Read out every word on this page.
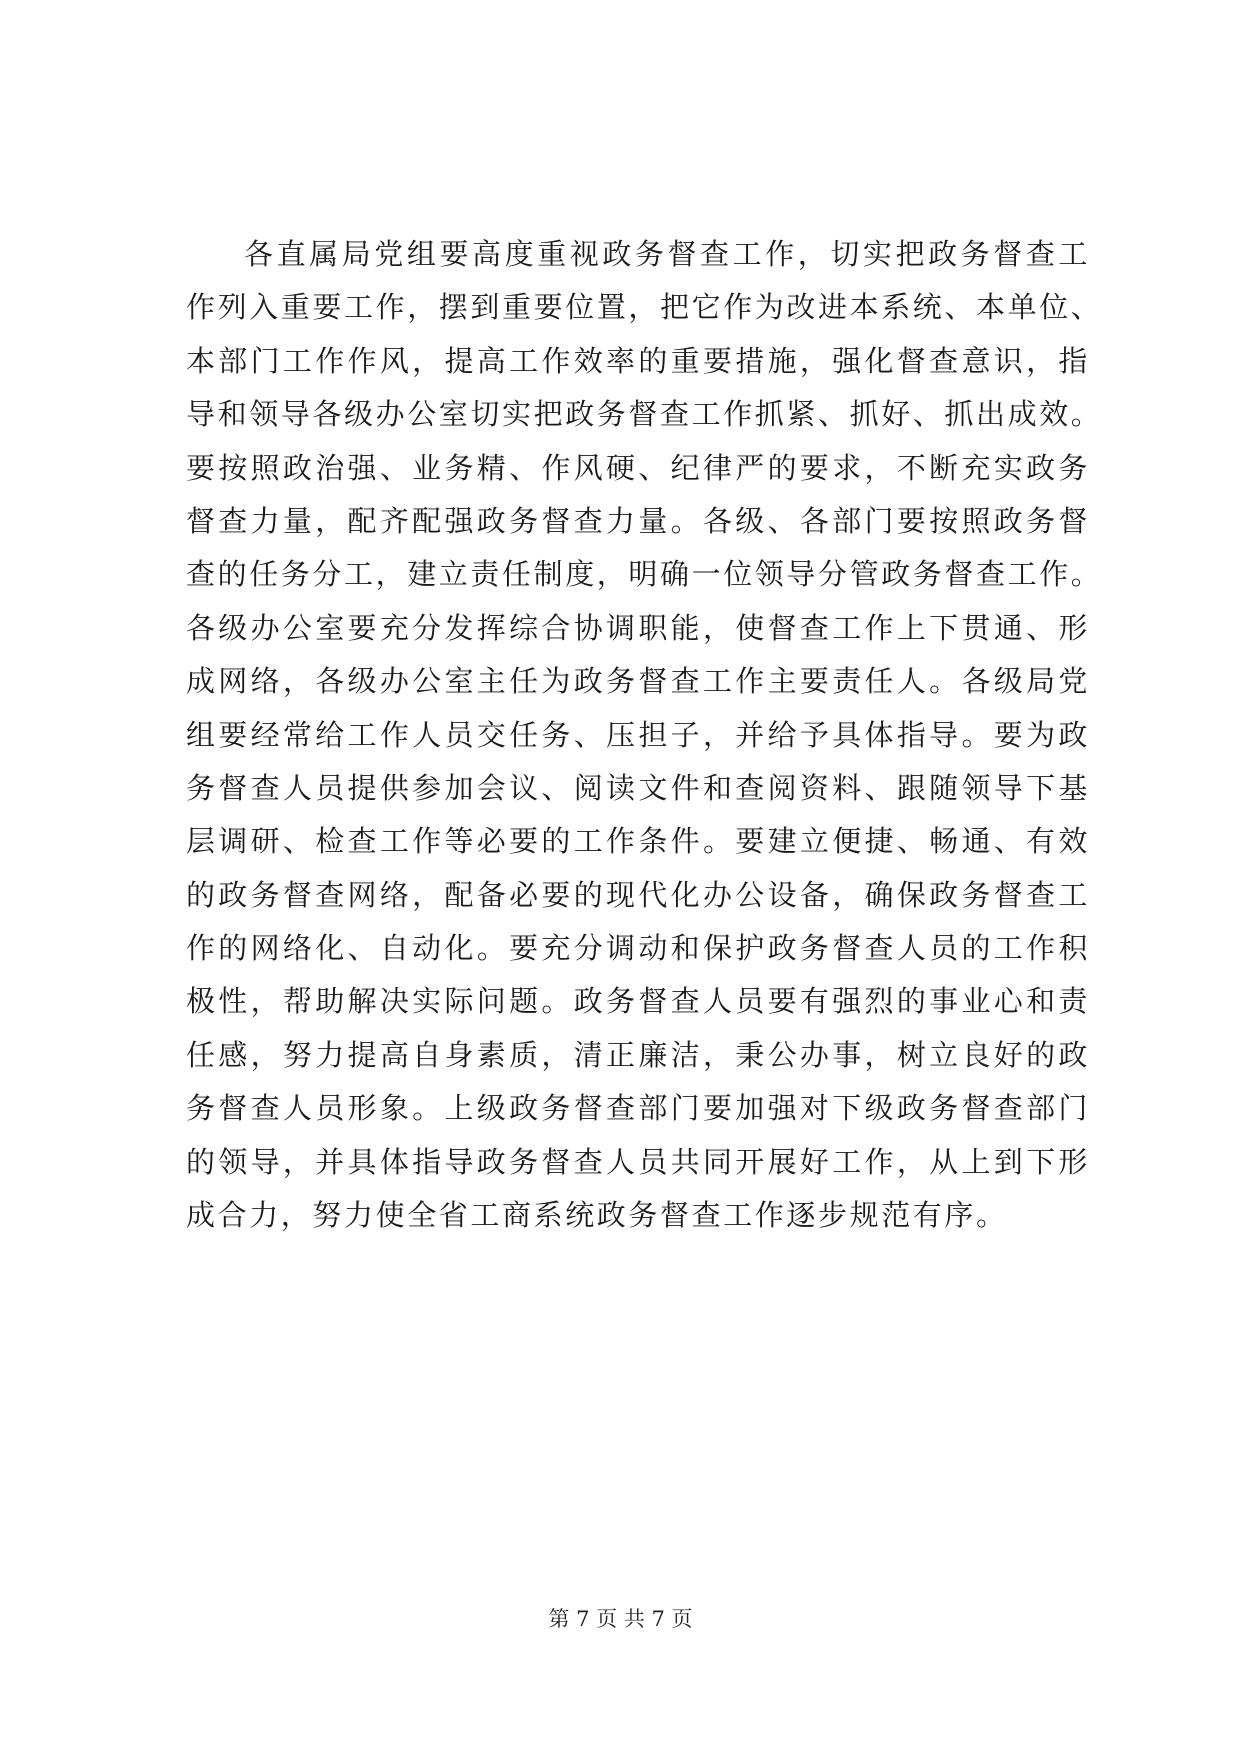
各直属局党组要高度重视政务督查工作，切实把政务督查工
作列入重要工作，摆到重要位置，把它作为改进本系统、本单位、
本部门工作作风，提高工作效率的重要措施，强化督查意识，指
导和领导各级办公室切实把政务督查工作抓紧、抓好、抓出成效。
要按照政治强、业务精、作风硬、纪律严的要求，不断充实政务
督查力量，配齐配强政务督查力量。各级、各部门要按照政务督
查的任务分工，建立责任制度，明确一位领导分管政务督查工作。
各级办公室要充分发挥综合协调职能，使督查工作上下贯通、形
成网络，各级办公室主任为政务督查工作主要责任人。各级局党
组要经常给工作人员交任务、压担子，并给予具体指导。要为政
务督查人员提供参加会议、阅读文件和查阅资料、跟随领导下基
层调研、检查工作等必要的工作条件。要建立便捷、畅通、有效
的政务督查网络，配备必要的现代化办公设备，确保政务督查工
作的网络化、自动化。要充分调动和保护政务督查人员的工作积
极性，帮助解决实际问题。政务督查人员要有强烈的事业心和责
任感，努力提高自身素质，清正廉洁，秉公办事，树立良好的政
务督查人员形象。上级政务督查部门要加强对下级政务督查部门
的领导，并具体指导政务督查人员共同开展好工作，从上到下形
成合力，努力使全省工商系统政务督查工作逐步规范有序。
第 7 页 共 7 页
